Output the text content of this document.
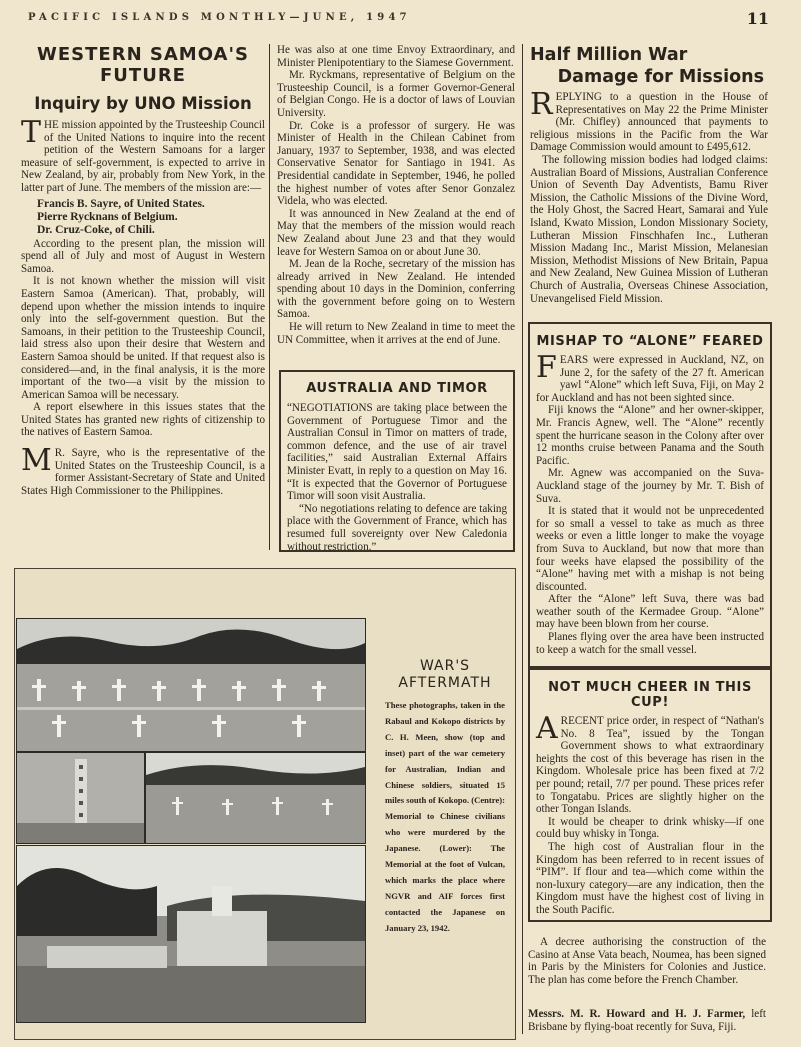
PACIFIC ISLANDS MONTHLY—JUNE, 1947	11
WESTERN SAMOA'S
FUTURE
Inquiry by UNO Mission

THE mission appointed by the Trusteeship Council of the United Nations to inquire into the recent petition of the Western Samoans for a larger measure of self-government, is expected to arrive in New Zealand, by air, probably from New York, in the latter part of June. The members of the mission are:—

Francis B. Sayre, of United States.

Pierre Rycknans of Belgium.

Dr. Cruz-Coke, of Chili.

According to the present plan, the mission will spend all of July and most of August in Western Samoa.

It is not known whether the mission will visit Eastern Samoa (American). That, probably, will depend upon whether the mission intends to inquire only into the self-government question. But the Samoans, in their petition to the Trusteeship Council, laid stress also upon their desire that Western and Eastern Samoa should be united. If that request also is considered—and, in the final analysis, it is the more important of the two—a visit by the mission to American Samoa will be necessary.

A report elsewhere in this issues states that the United States has granted new rights of citizenship to the natives of Eastern Samoa.

M R. Sayre, who is the representative of the United States on the Trusteeship Council, is a former Assistant-Secretary of State and United States High Commissioner to the Philippines.

He was also at one time Envoy Extraordinary, and Minister Plenipotentiary to the Siamese Government.

Mr. Ryckmans, representative of Belgium on the Trusteeship Council, is a former Governor-General of Belgian Congo. He is a doctor of laws of Louvian University.

Dr. Coke is a professor of surgery. He was Minister of Health in the Chilean Cabinet from January, 1937 to September, 1938, and was elected Conservative Senator for Santiago in 1941. As Presidential candidate in September, 1946, he polled the highest number of votes after Senor Gonzalez Videla, who was elected.

It was announced in New Zealand at the end of May that the members of the mission would reach New Zealand about June 23 and that they would leave for Western Samoa on or about June 30.

M. Jean de la Roche, secretary of the mission has already arrived in New Zealand. He intended spending about 10 days in the Dominion, conferring with the government before going on to Western Samoa.

He will return to New Zealand in time to meet the UN Committee, when it arrives at the end of June.

AUSTRALIA AND TIMOR

“NEGOTIATIONS are taking place between the Government of Portuguese Timor and the Australian Consul in Timor on matters of trade, common defence, and the use of air travel facilities,” said Australian External Affairs Minister Evatt, in reply to a question on May 16. “It is expected that the Governor of Portuguese Timor will soon visit Australia.

“No negotiations relating to defence are taking place with the Government of France, which has resumed full sovereignty over New Caledonia without restriction.”

WAR'S
AFTERMATH
These photographs, taken in the Rabaul and Kokopo districts by C. H. Meen, show (top and inset) part of the war cemetery for Australian, Indian and Chinese soldiers, situated 15 miles south of Kokopo. (Centre): Memorial to Chinese civilians who were murdered by the Japanese. (Lower): The Memorial at the foot of Vulcan, which marks the place where NGVR and AIF forces first contacted the Japanese on January 23, 1942.
Half Million War
Damage for Missions

REPLYING to a question in the House of Representatives on May 22 the Prime Minister (Mr. Chifley) announced that payments to religious missions in the Pacific from the War Damage Commission would amount to £495,612.

The following mission bodies had lodged claims: Australian Board of Missions, Australian Conference Union of Seventh Day Adventists, Bamu River Mission, the Catholic Missions of the Divine Word, the Holy Ghost, the Sacred Heart, Samarai and Yule Island, Kwato Mission, London Missionary Society, Lutheran Mission Finschhafen Inc., Lutheran Mission Madang Inc., Marist Mission, Melanesian Mission, Methodist Missions of New Britain, Papua and New Zealand, New Guinea Mission of Lutheran Church of Australia, Overseas Chinese Association, Unevangelised Field Mission.

MISHAP TO “ALONE” FEARED

FEARS were expressed in Auckland, NZ, on June 2, for the safety of the 27 ft. American yawl “Alone” which left Suva, Fiji, on May 2 for Auckland and has not been sighted since.

Fiji knows the “Alone” and her owner-skipper, Mr. Francis Agnew, well. The “Alone” recently spent the hurricane season in the Colony after over 12 months cruise between Panama and the South Pacific.

Mr. Agnew was accompanied on the Suva-Auckland stage of the journey by Mr. T. Bish of Suva.

It is stated that it would not be unprecedented for so small a vessel to take as much as three weeks or even a little longer to make the voyage from Suva to Auckland, but now that more than four weeks have elapsed the possibility of the “Alone” having met with a mishap is not being discounted.

After the “Alone” left Suva, there was bad weather south of the Kermadee Group. “Alone” may have been blown from her course.

Planes flying over the area have been instructed to keep a watch for the small vessel.

NOT MUCH CHEER IN THIS
CUP!

A RECENT price order, in respect of “Nathan's No. 8 Tea”, issued by the Tongan Government shows to what extraordinary heights the cost of this beverage has risen in the Kingdom. Wholesale price has been fixed at 7/2 per pound; retail, 7/7 per pound. These prices refer to Tongatabu. Prices are slightly higher on the other Tongan Islands.

It would be cheaper to drink whisky—if one could buy whisky in Tonga.

The high cost of Australian flour in the Kingdom has been referred to in recent issues of “PIM”. If flour and tea—which come within the non-luxury category—are any indication, then the Kingdom must have the highest cost of living in the South Pacific.

A decree authorising the construction of the Casino at Anse Vata beach, Noumea, has been signed in Paris by the Ministers for Colonies and Justice. The plan has come before the French Chamber.

Messrs. M. R. Howard and H. J. Farmer, left Brisbane by flying-boat recently for Suva, Fiji.
